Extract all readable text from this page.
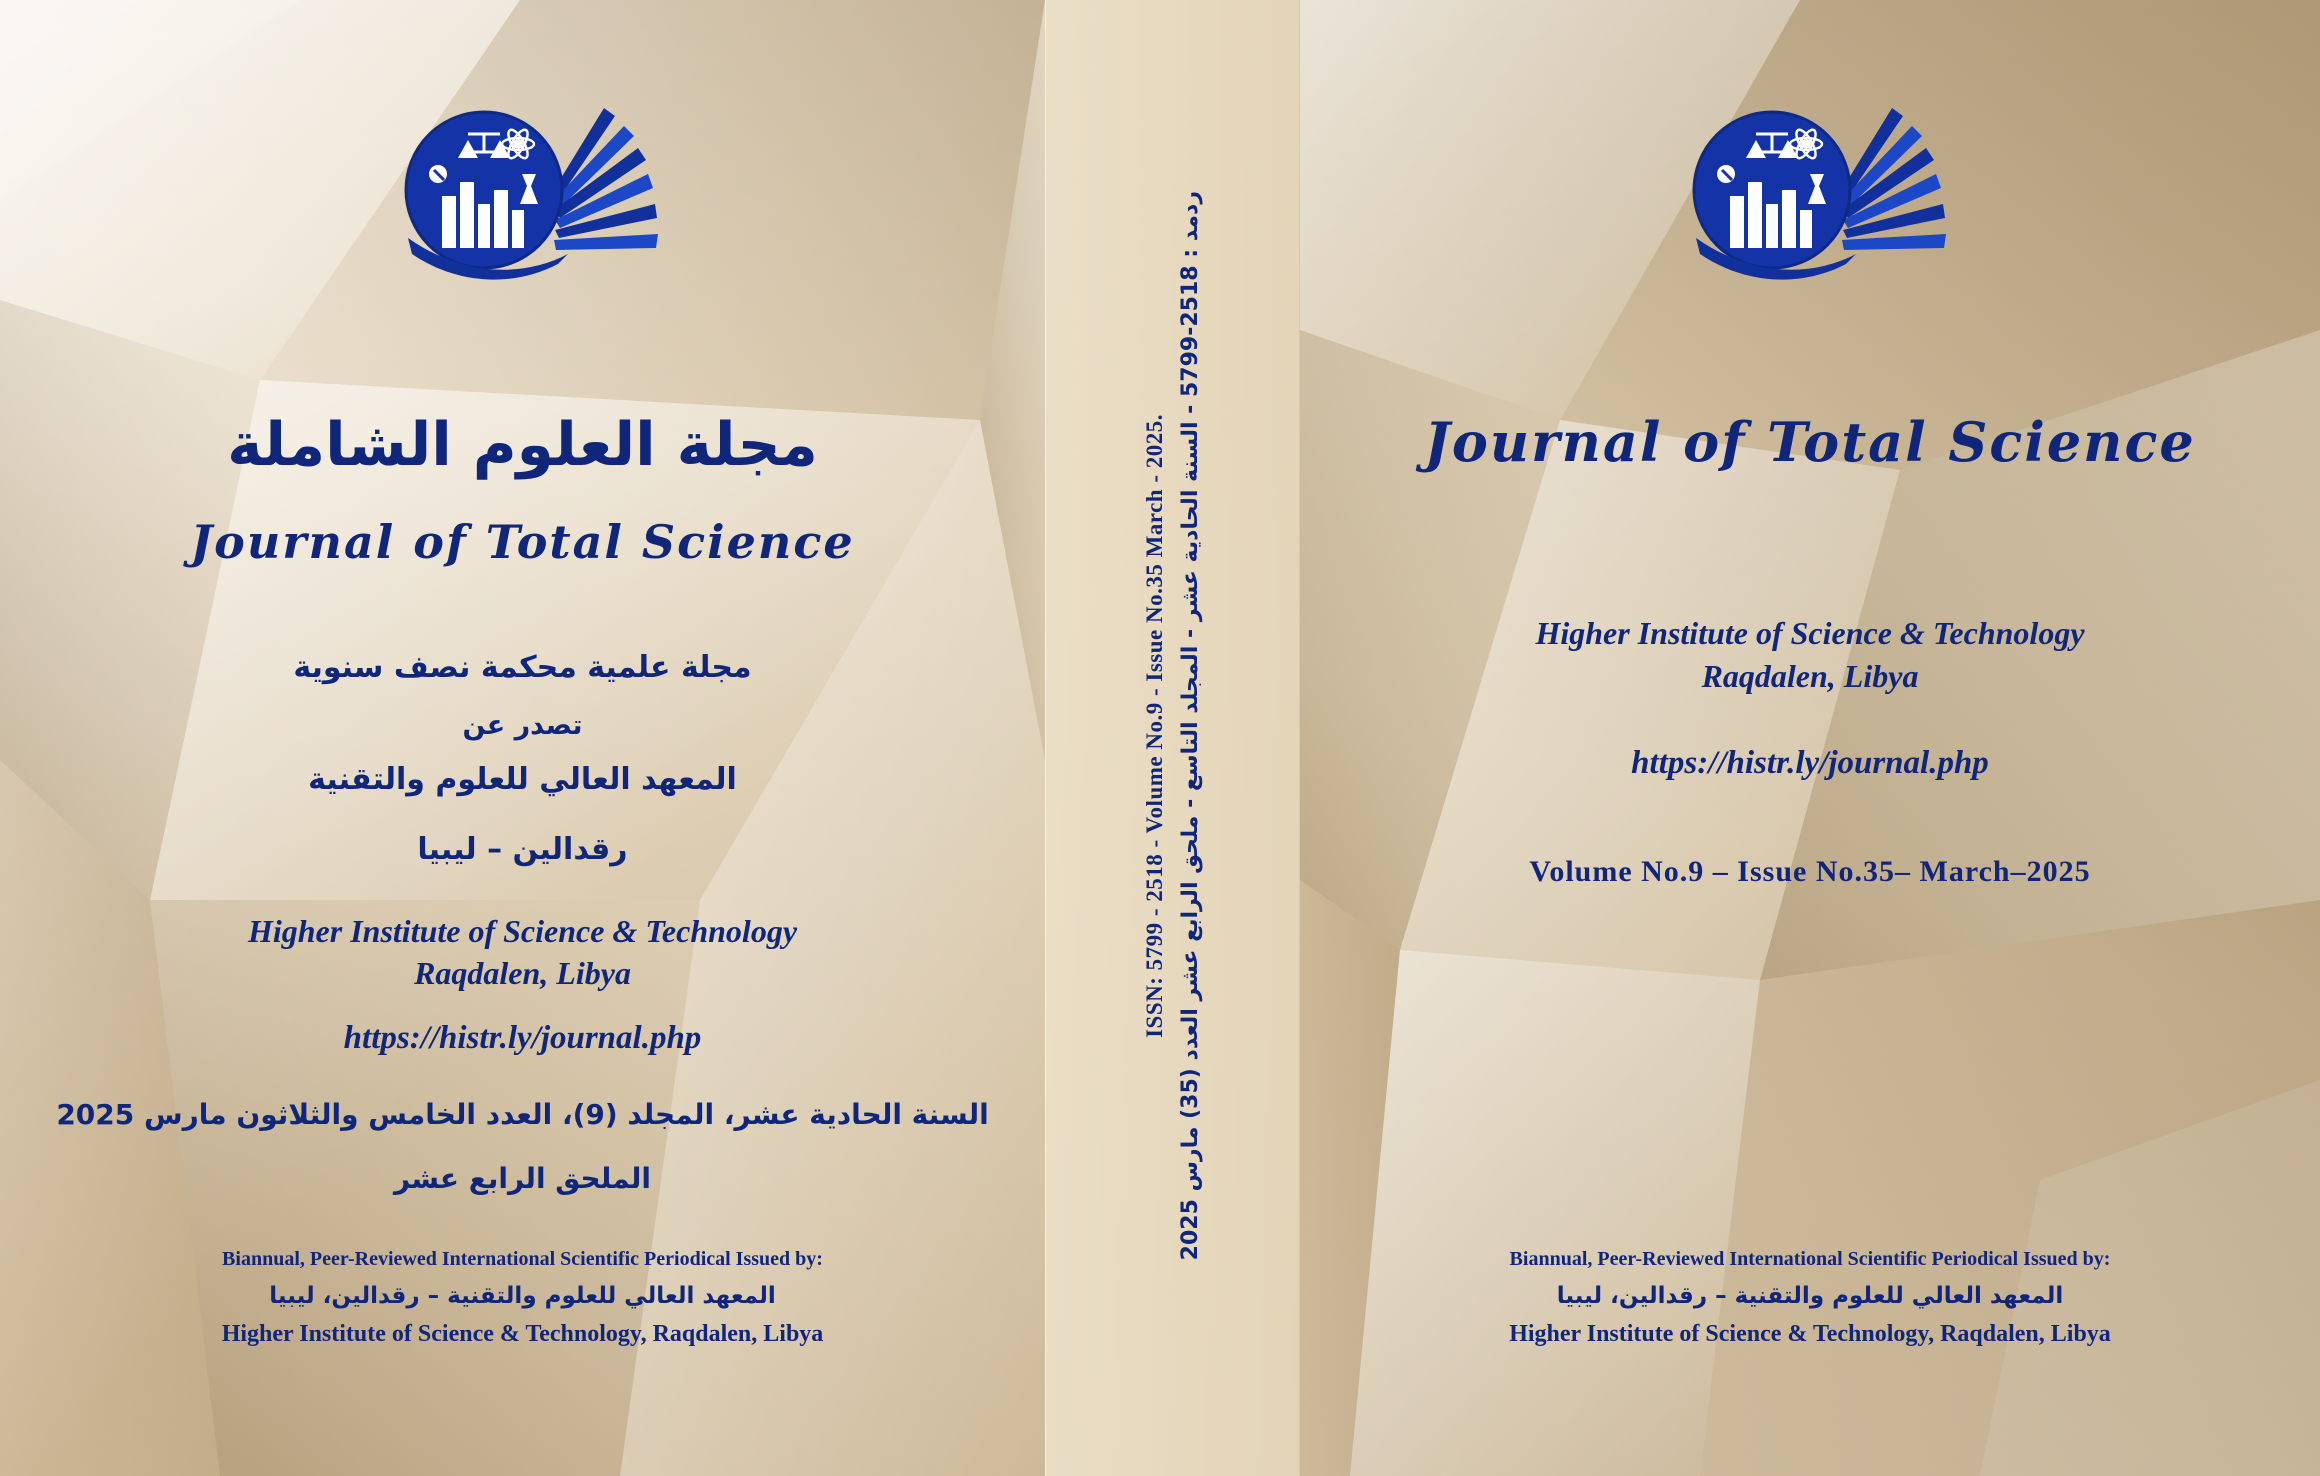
مجلة العلوم الشاملة
Journal of Total Science
مجلة علمية محكمة نصف سنوية
تصدر عن
المعهد العالي للعلوم والتقنية
رقدالين – ليبيا
Higher Institute of Science & Technology
Raqdalen, Libya
https://histr.ly/journal.php
السنة الحادية عشر، المجلد (9)، العدد الخامس والثلاثون مارس 2025
الملحق الرابع عشر
Biannual, Peer-Reviewed International Scientific Periodical Issued by:
المعهد العالي للعلوم والتقنية – رقدالين، ليبيا
Higher Institute of Science & Technology, Raqdalen, Libya
ISSN: 5799 - 2518 - Volume No.9 - Issue No.35 March - 2025.
ردمد : 2518-5799 - السنة الحادية عشر - المجلد التاسع - ملحق الرابع عشر العدد (35) مارس 2025
Journal of Total Science
Higher Institute of Science & Technology
Raqdalen, Libya
https://histr.ly/journal.php
Volume No.9 – Issue No.35– March–2025
Biannual, Peer-Reviewed International Scientific Periodical Issued by:
المعهد العالي للعلوم والتقنية – رقدالين، ليبيا
Higher Institute of Science & Technology, Raqdalen, Libya
